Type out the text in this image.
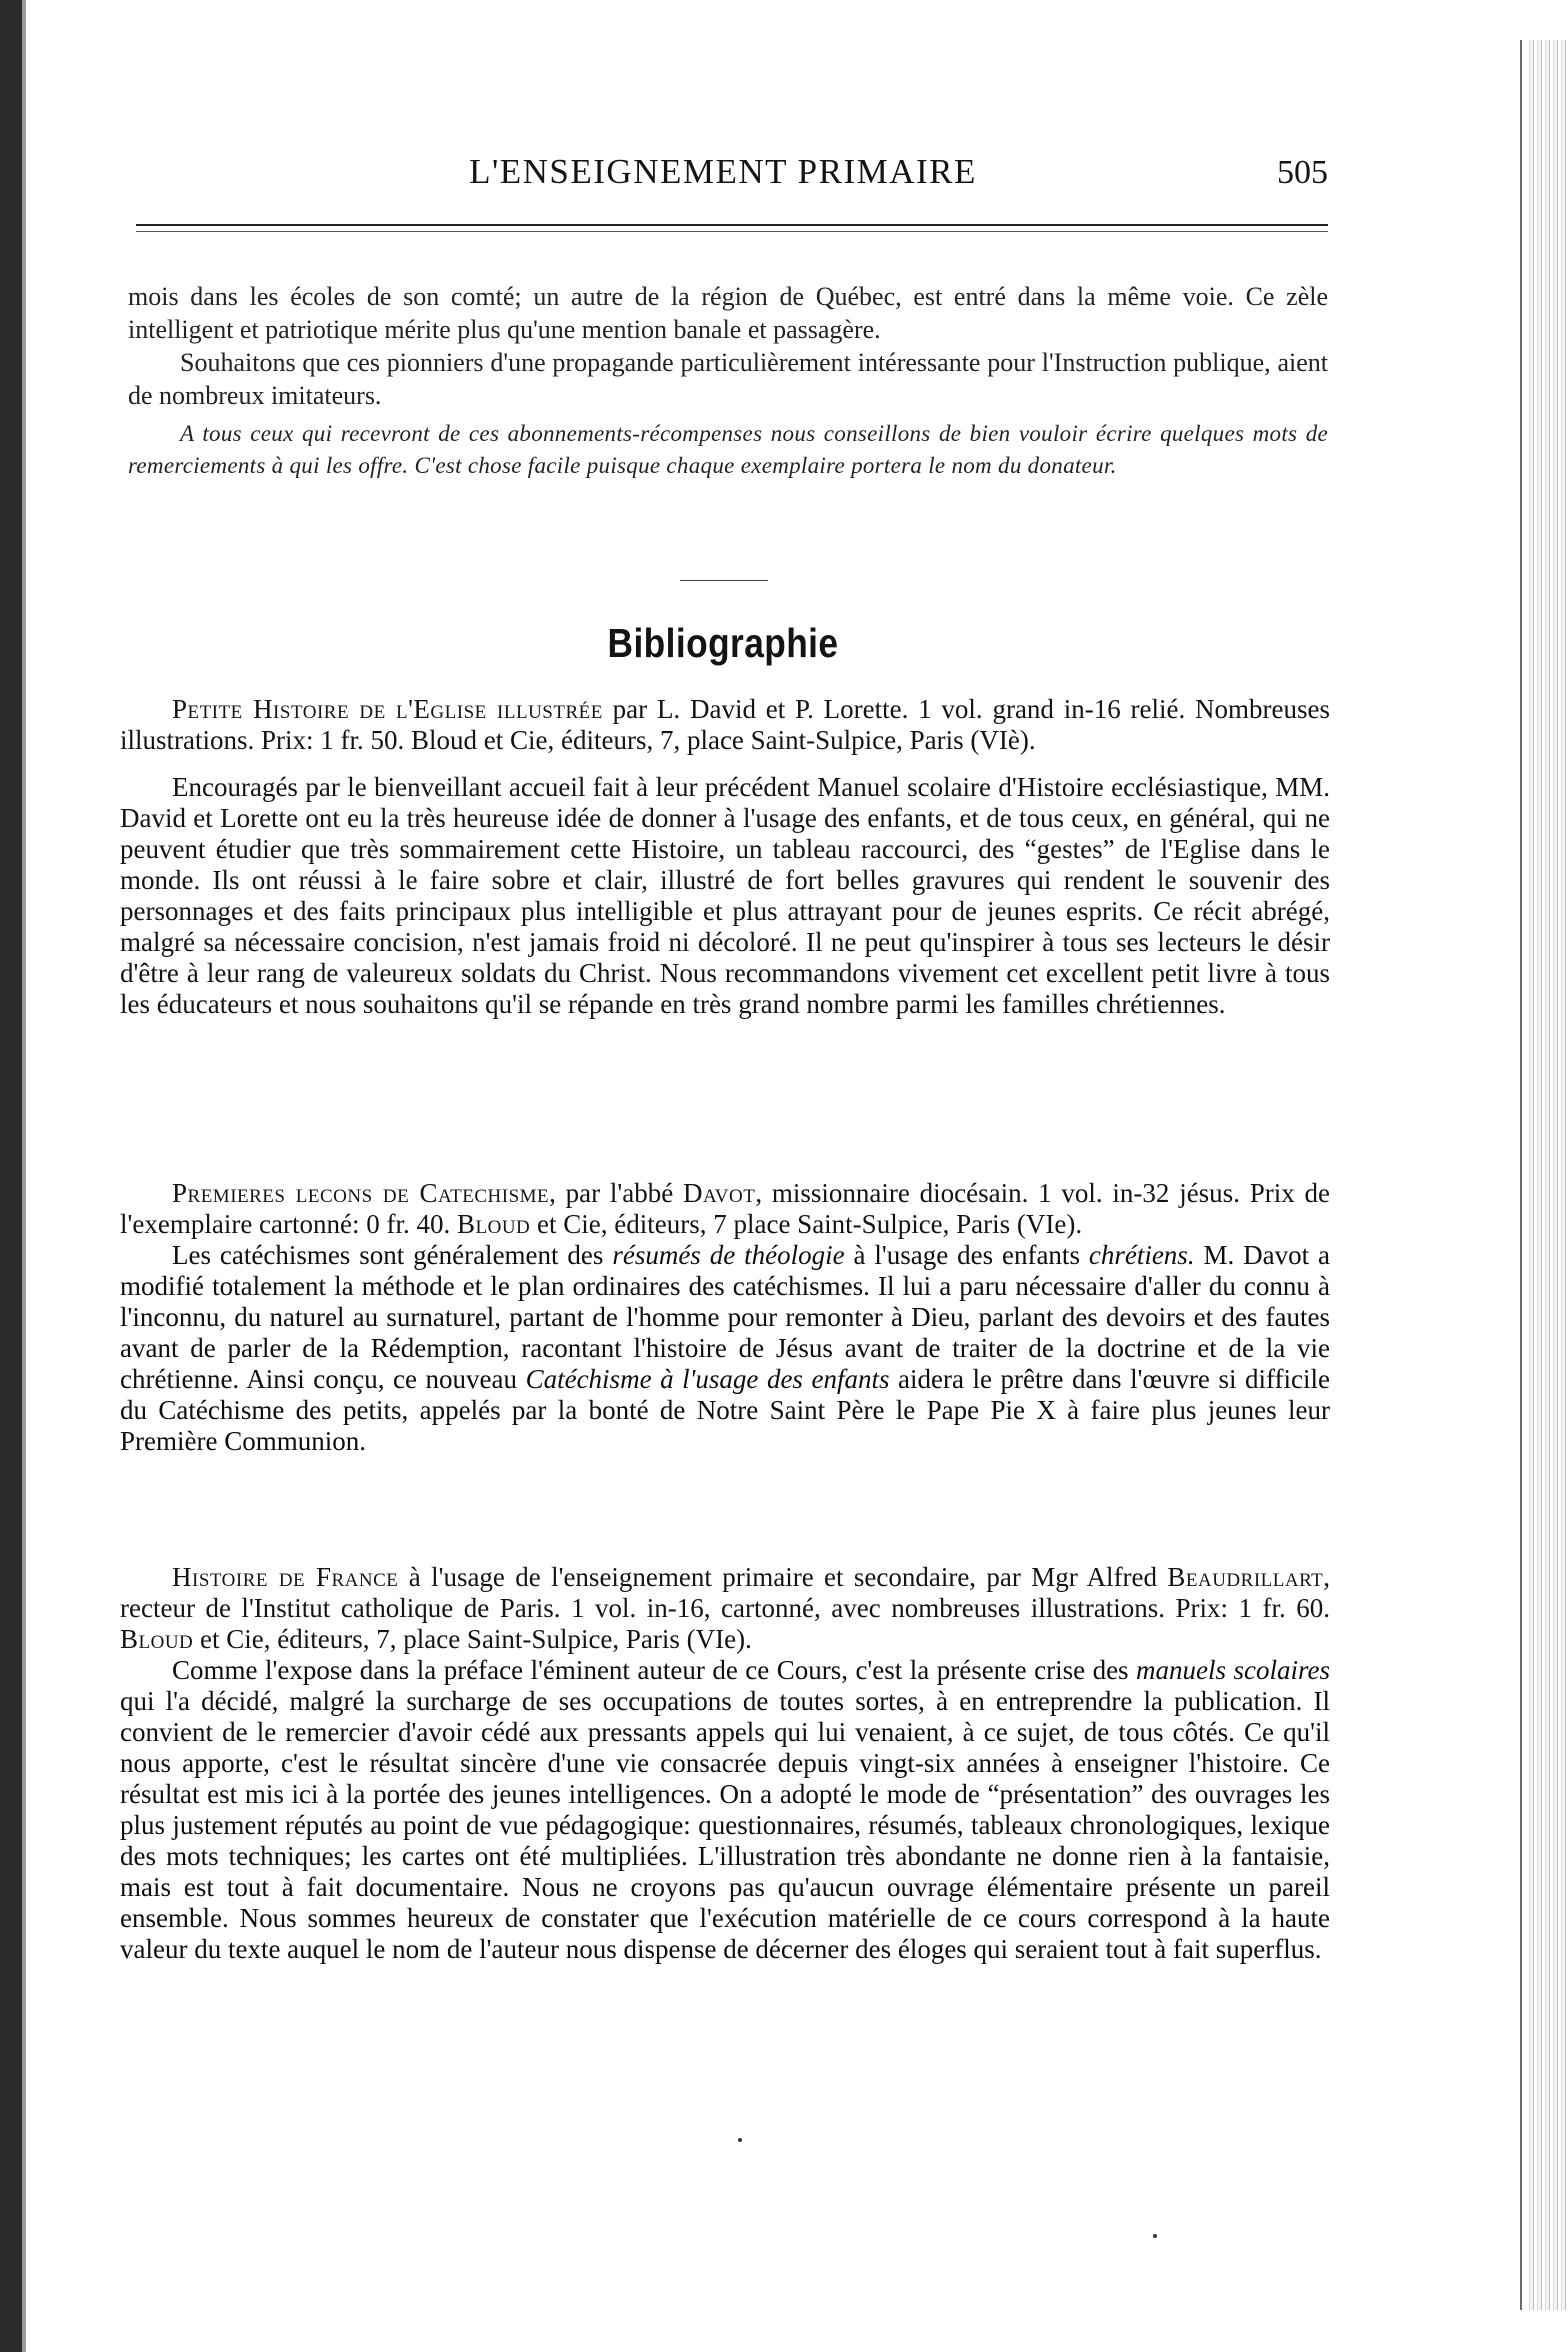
L'ENSEIGNEMENT PRIMAIRE	505

mois dans les écoles de son comté; un autre de la région de Québec, est entré dans la même voie. Ce zèle intelligent et patriotique mérite plus qu'une mention banale et passagère.

Souhaitons que ces pionniers d'une propagande particulièrement intéressante pour l'Instruction publique, aient de nombreux imitateurs.

A tous ceux qui recevront de ces abonnements-récompenses nous conseillons de bien vouloir écrire quelques mots de remerciements à qui les offre. C'est chose facile puisque chaque exemplaire portera le nom du donateur.

Bibliographie

Petite Histoire de l'Eglise illustrée par L. David et P. Lorette. 1 vol. grand in-16 relié. Nombreuses illustrations. Prix: 1 fr. 50. Bloud et Cie, éditeurs, 7, place Saint-Sulpice, Paris (VIè).

Encouragés par le bienveillant accueil fait à leur précédent Manuel scolaire d'Histoire ecclésiastique, MM. David et Lorette ont eu la très heureuse idée de donner à l'usage des enfants, et de tous ceux, en général, qui ne peuvent étudier que très sommairement cette Histoire, un tableau raccourci, des “gestes” de l'Eglise dans le monde. Ils ont réussi à le faire sobre et clair, illustré de fort belles gravures qui rendent le souvenir des personnages et des faits principaux plus intelligible et plus attrayant pour de jeunes esprits. Ce récit abrégé, malgré sa nécessaire concision, n'est jamais froid ni décoloré. Il ne peut qu'inspirer à tous ses lecteurs le désir d'être à leur rang de valeureux soldats du Christ. Nous recommandons vivement cet excellent petit livre à tous les éducateurs et nous souhaitons qu'il se répande en très grand nombre parmi les familles chrétiennes.

Premieres lecons de Catechisme, par l'abbé Davot, missionnaire diocésain. 1 vol. in-32 jésus. Prix de l'exemplaire cartonné: 0 fr. 40. Bloud et Cie, éditeurs, 7 place Saint-Sulpice, Paris (VIe).

Les catéchismes sont généralement des résumés de théologie à l'usage des enfants chrétiens. M. Davot a modifié totalement la méthode et le plan ordinaires des catéchismes. Il lui a paru nécessaire d'aller du connu à l'inconnu, du naturel au surnaturel, partant de l'homme pour remonter à Dieu, parlant des devoirs et des fautes avant de parler de la Rédemption, racontant l'histoire de Jésus avant de traiter de la doctrine et de la vie chrétienne. Ainsi conçu, ce nouveau Catéchisme à l'usage des enfants aidera le prêtre dans l'œuvre si difficile du Catéchisme des petits, appelés par la bonté de Notre Saint Père le Pape Pie X à faire plus jeunes leur Première Communion.

Histoire de France à l'usage de l'enseignement primaire et secondaire, par Mgr Alfred Beaudrillart, recteur de l'Institut catholique de Paris. 1 vol. in-16, cartonné, avec nombreuses illustrations. Prix: 1 fr. 60. Bloud et Cie, éditeurs, 7, place Saint-Sulpice, Paris (VIe).

Comme l'expose dans la préface l'éminent auteur de ce Cours, c'est la présente crise des manuels scolaires qui l'a décidé, malgré la surcharge de ses occupations de toutes sortes, à en entreprendre la publication. Il convient de le remercier d'avoir cédé aux pressants appels qui lui venaient, à ce sujet, de tous côtés. Ce qu'il nous apporte, c'est le résultat sincère d'une vie consacrée depuis vingt-six années à enseigner l'histoire. Ce résultat est mis ici à la portée des jeunes intelligences. On a adopté le mode de “présentation” des ouvrages les plus justement réputés au point de vue pédagogique: questionnaires, résumés, tableaux chronologiques, lexique des mots techniques; les cartes ont été multipliées. L'illustration très abondante ne donne rien à la fantaisie, mais est tout à fait documentaire. Nous ne croyons pas qu'aucun ouvrage élémentaire présente un pareil ensemble. Nous sommes heureux de constater que l'exécution matérielle de ce cours correspond à la haute valeur du texte auquel le nom de l'auteur nous dispense de décerner des éloges qui seraient tout à fait superflus.
